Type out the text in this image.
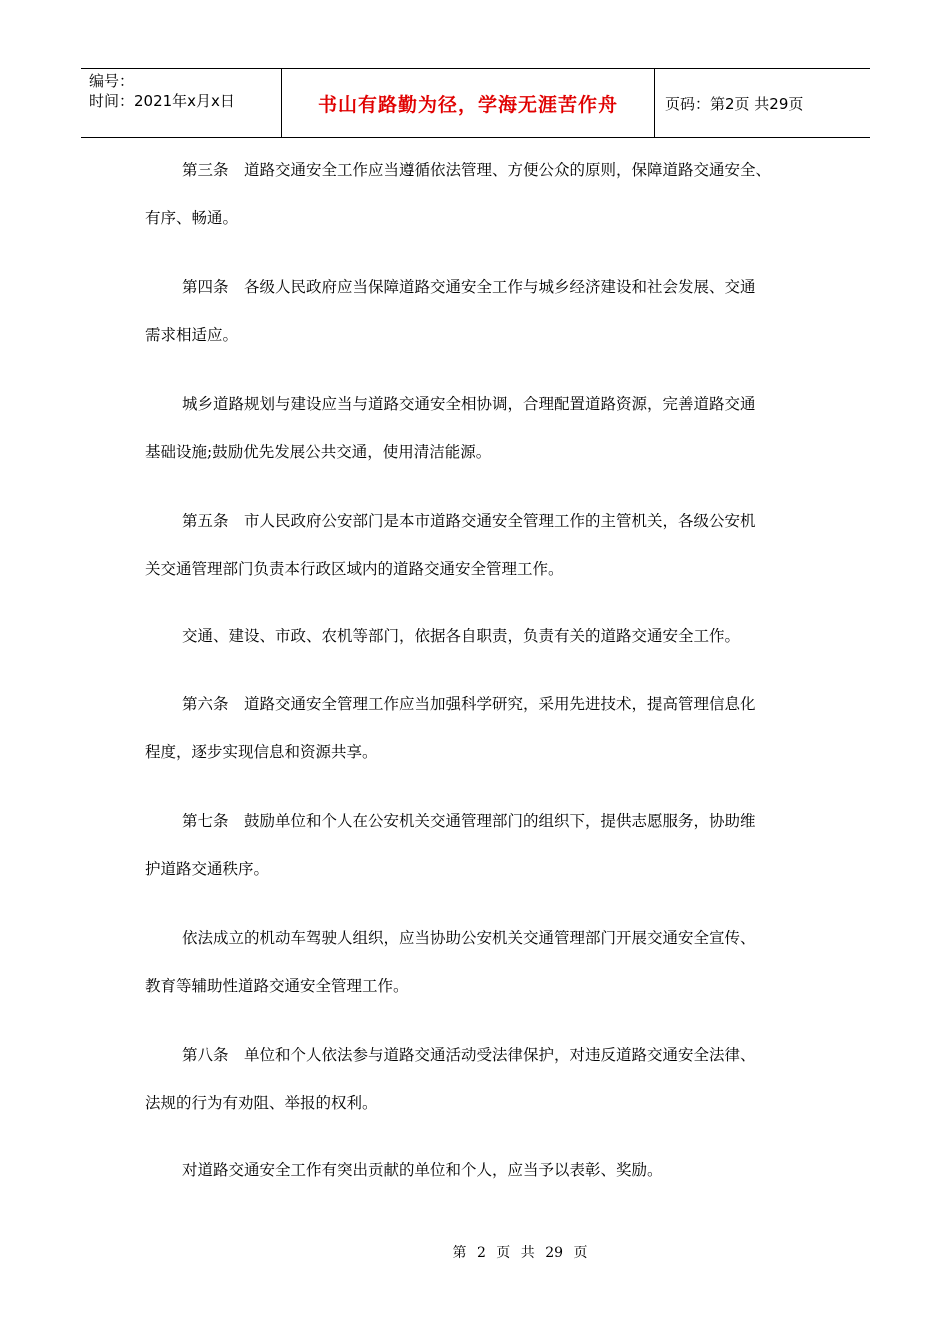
编号：
时间：2021年x月x日	书山有路勤为径，学海无涯苦作舟	页码：第2页 共29页

第三条　道路交通安全工作应当遵循依法管理、方便公众的原则，保障道路交通安全、
有序、畅通。

第四条　各级人民政府应当保障道路交通安全工作与城乡经济建设和社会发展、交通
需求相适应。

城乡道路规划与建设应当与道路交通安全相协调，合理配置道路资源，完善道路交通
基础设施;鼓励优先发展公共交通，使用清洁能源。

第五条　市人民政府公安部门是本市道路交通安全管理工作的主管机关，各级公安机
关交通管理部门负责本行政区域内的道路交通安全管理工作。

交通、建设、市政、农机等部门，依据各自职责，负责有关的道路交通安全工作。

第六条　道路交通安全管理工作应当加强科学研究，采用先进技术，提高管理信息化
程度，逐步实现信息和资源共享。

第七条　鼓励单位和个人在公安机关交通管理部门的组织下，提供志愿服务，协助维
护道路交通秩序。

依法成立的机动车驾驶人组织，应当协助公安机关交通管理部门开展交通安全宣传、
教育等辅助性道路交通安全管理工作。

第八条　单位和个人依法参与道路交通活动受法律保护，对违反道路交通安全法律、
法规的行为有劝阻、举报的权利。

对道路交通安全工作有突出贡献的单位和个人，应当予以表彰、奖励。

第 2 页 共 29 页
